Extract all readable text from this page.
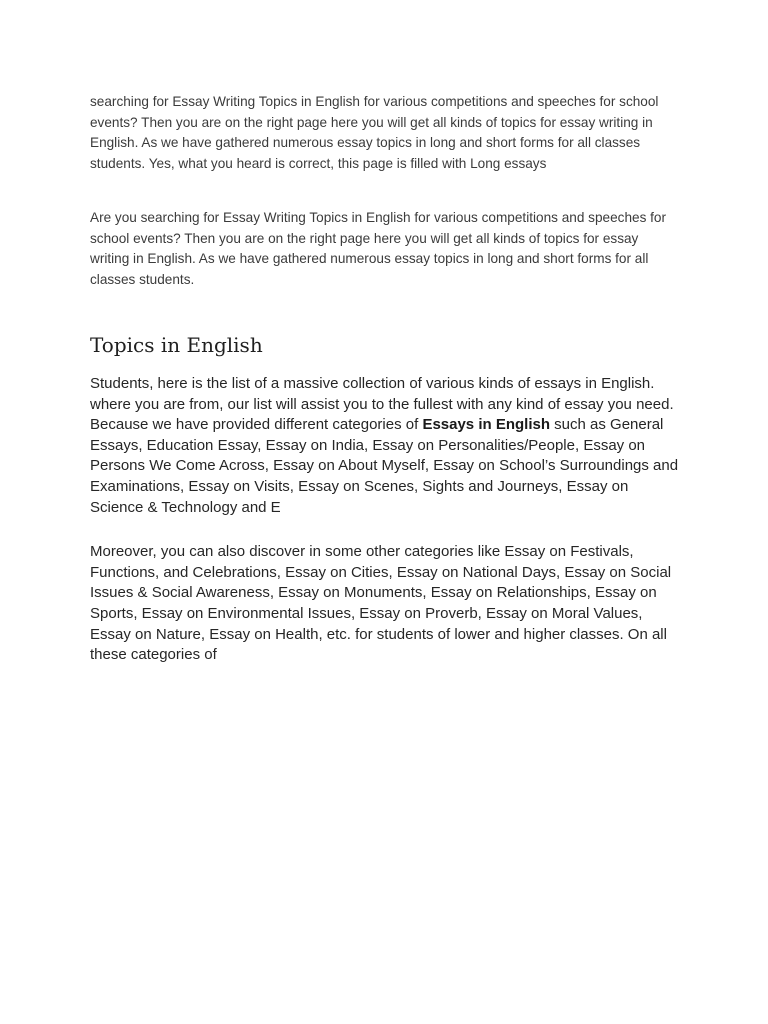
searching for Essay Writing Topics in English for various competitions and speeches for school events? Then you are on the right page here you will get all kinds of topics for essay writing in English. As we have gathered numerous essay topics in long and short forms for all classes students. Yes, what you heard is correct, this page is filled with Long essays

Are you searching for Essay Writing Topics in English for various competitions and speeches for school events? Then you are on the right page here you will get all kinds of topics for essay writing in English. As we have gathered numerous essay topics in long and short forms for all classes students.

Topics in English

Students, here is the list of a massive collection of various kinds of essays in English. where you are from, our list will assist you to the fullest with any kind of essay you need. Because we have provided different categories of Essays in English such as General Essays, Education Essay, Essay on India, Essay on Personalities/People, Essay on Persons We Come Across, Essay on About Myself, Essay on School’s Surroundings and Examinations, Essay on Visits, Essay on Scenes, Sights and Journeys, Essay on Science & Technology and E

Moreover, you can also discover in some other categories like Essay on Festivals, Functions, and Celebrations, Essay on Cities, Essay on National Days, Essay on Social Issues & Social Awareness, Essay on Monuments, Essay on Relationships, Essay on Sports, Essay on Environmental Issues, Essay on Proverb, Essay on Moral Values, Essay on Nature, Essay on Health, etc. for students of lower and higher classes. On all these categories of
